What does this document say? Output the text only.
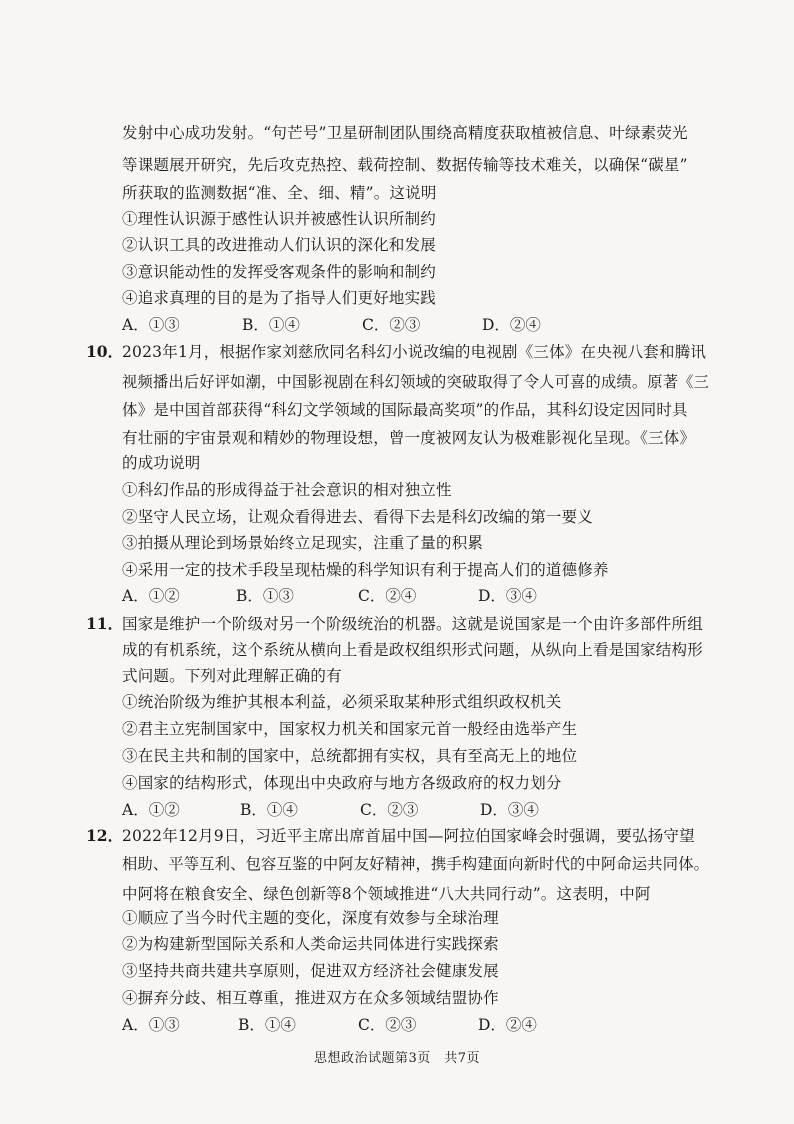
发射中心成功发射。“句芒号”卫星研制团队围绕高精度获取植被信息、叶绿素荧光
等课题展开研究，先后攻克热控、载荷控制、数据传输等技术难关，以确保“碳星”
所获取的监测数据“准、全、细、精”。这说明
①理性认识源于感性认识并被感性认识所制约
②认识工具的改进推动人们认识的深化和发展
③意识能动性的发挥受客观条件的影响和制约
④追求真理的目的是为了指导人们更好地实践
A．①③	B．①④	C．②③	D．②④
10．
2023年1月，根据作家刘慈欣同名科幻小说改编的电视剧《三体》在央视八套和腾讯
视频播出后好评如潮，中国影视剧在科幻领域的突破取得了令人可喜的成绩。原著《三
体》是中国首部获得“科幻文学领域的国际最高奖项”的作品，其科幻设定因同时具
有壮丽的宇宙景观和精妙的物理设想，曾一度被网友认为极难影视化呈现。《三体》
的成功说明
①科幻作品的形成得益于社会意识的相对独立性
②坚守人民立场，让观众看得进去、看得下去是科幻改编的第一要义
③拍摄从理论到场景始终立足现实，注重了量的积累
④采用一定的技术手段呈现枯燥的科学知识有利于提高人们的道德修养
A．①②	B．①③	C．②④	D．③④
11．
国家是维护一个阶级对另一个阶级统治的机器。这就是说国家是一个由许多部件所组
成的有机系统，这个系统从横向上看是政权组织形式问题，从纵向上看是国家结构形
式问题。下列对此理解正确的有
①统治阶级为维护其根本利益，必须采取某种形式组织政权机关
②君主立宪制国家中，国家权力机关和国家元首一般经由选举产生
③在民主共和制的国家中，总统都拥有实权，具有至高无上的地位
④国家的结构形式，体现出中央政府与地方各级政府的权力划分
A．①②	B．①④	C．②③	D．③④
12．
2022年12月9日，习近平主席出席首届中国—阿拉伯国家峰会时强调，要弘扬守望
相助、平等互利、包容互鉴的中阿友好精神，携手构建面向新时代的中阿命运共同体。
中阿将在粮食安全、绿色创新等8个领域推进“八大共同行动”。这表明，中阿
①顺应了当今时代主题的变化，深度有效参与全球治理
②为构建新型国际关系和人类命运共同体进行实践探索
③坚持共商共建共享原则，促进双方经济社会健康发展
④摒弃分歧、相互尊重，推进双方在众多领域结盟协作
A．①③	B．①④	C．②③	D．②④
思想政治试题第3页　共7页
